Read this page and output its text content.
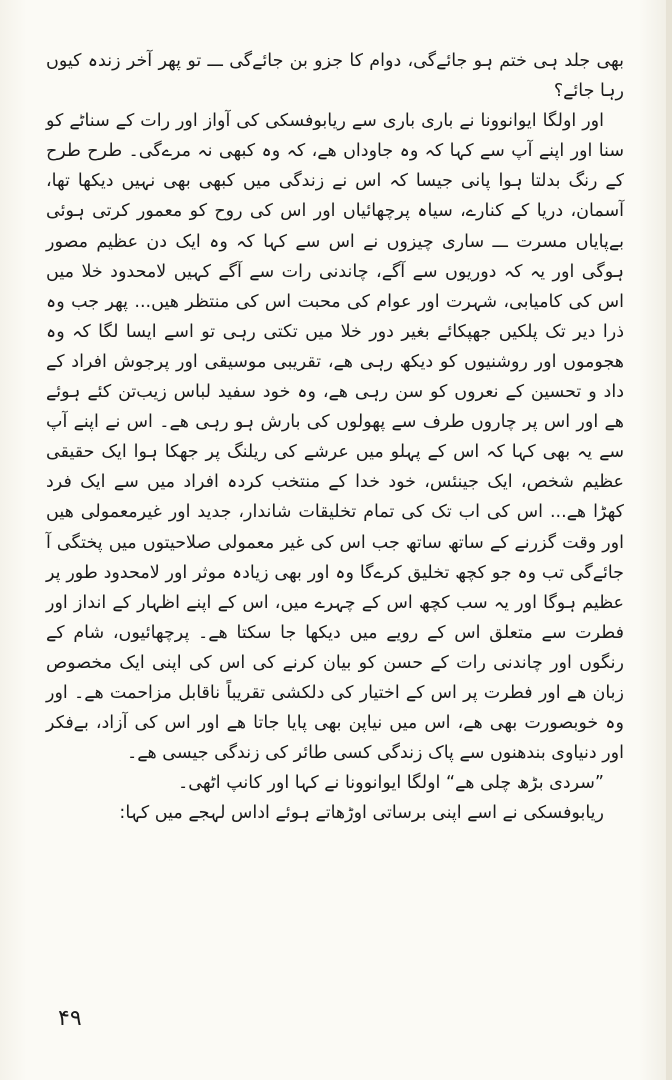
بھی جلد ہی ختم ہو جائےگی، دوام کا جزو بن جائےگی ـــ تو پھر آخر زندہ کیوں رہا جائے؟

اور اولگا ایوانوونا نے باری باری سے ریابوفسکی کی آواز اور رات کے سناٹے کو سنا اور اپنے آپ سے کہا کہ وہ جاوداں ھے، کہ وہ کبھی نہ مرےگی۔ طرح طرح کے رنگ بدلتا ہوا پانی جیسا کہ اس نے زندگی میں کبھی بھی نہیں دیکھا تھا، آسمان، دریا کے کنارے، سیاہ پرچھائیاں اور اس کی روح کو معمور کرتی ہوئی بےپایاں مسرت ـــ ساری چیزوں نے اس سے کہا کہ وہ ایک دن عظیم مصور ہوگی اور یہ کہ دوریوں سے آگے، چاندنی رات سے آگے کہیں لامحدود خلا میں اس کی کامیابی، شہرت اور عوام کی محبت اس کی منتظر ھیں... پھر جب وہ ذرا دیر تک پلکیں جھپکائے بغیر دور خلا میں تکتی رہی تو اسے ایسا لگا کہ وہ ھجوموں اور روشنیوں کو دیکھ رہی ھے، تقریبی موسیقی اور پرجوش افراد کے داد و تحسین کے نعروں کو سن رہی ھے، وہ خود سفید لباس زیب‌تن کئے ہوئے ھے اور اس پر چاروں طرف سے پھولوں کی بارش ہو رہی ھے۔ اس نے اپنے آپ سے یہ بھی کہا کہ اس کے پہلو میں عرشے کی ریلنگ پر جھکا ہوا ایک حقیقی عظیم شخص، ایک جینئس، خود خدا کے منتخب کردہ افراد میں سے ایک فرد کھڑا ھے... اس کی اب تک کی تمام تخلیقات شاندار، جدید اور غیرمعمولی ھیں اور وقت گزرنے کے ساتھ ساتھ جب اس کی غیر معمولی صلاحیتوں میں پختگی آ جائےگی تب وہ جو کچھ تخلیق کرےگا وہ اور بھی زیادہ موثر اور لامحدود طور پر عظیم ہوگا اور یہ سب کچھ اس کے چہرے میں، اس کے اپنے اظہار کے انداز اور فطرت سے متعلق اس کے رویے میں دیکھا جا سکتا ھے۔ پرچھائیوں، شام کے رنگوں اور چاندنی رات کے حسن کو بیان کرنے کی اس کی اپنی ایک مخصوص زبان ھے اور فطرت پر اس کے اختیار کی دلکشی تقریباً ناقابل مزاحمت ھے۔ اور وہ خوبصورت بھی ھے، اس میں نیاپن بھی پایا جاتا ھے اور اس کی آزاد، بےفکر اور دنیاوی بندھنوں سے پاک زندگی کسی طائر کی زندگی جیسی ھے۔

”سردی بڑھ چلی ھے“ اولگا ایوانوونا نے کہا اور کانپ اٹھی۔

ریابوفسکی نے اسے اپنی برساتی اوڑھاتے ہوئے اداس لہجے میں کہا:

۴۹
